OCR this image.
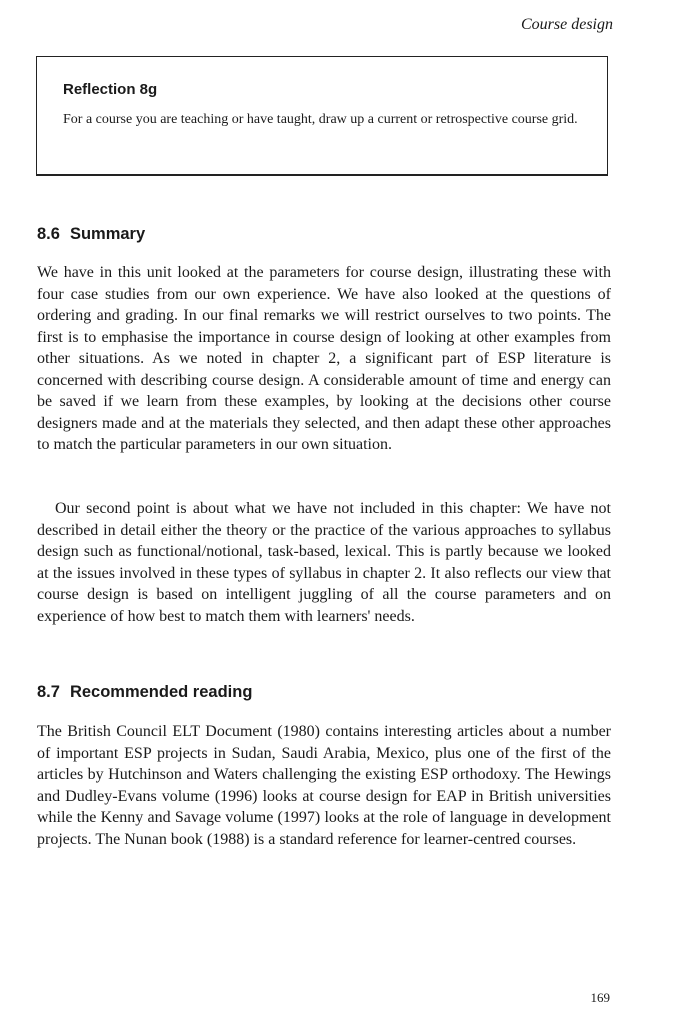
Course design
Reflection 8g

For a course you are teaching or have taught, draw up a current or retrospective course grid.

8.6 Summary

We have in this unit looked at the parameters for course design, illustrating these with four case studies from our own experience. We have also looked at the questions of ordering and grading. In our final remarks we will restrict ourselves to two points. The first is to emphasise the importance in course design of looking at other examples from other situations. As we noted in chapter 2, a significant part of ESP literature is concerned with describing course design. A considerable amount of time and energy can be saved if we learn from these examples, by looking at the decisions other course designers made and at the materials they selected, and then adapt these other approaches to match the particular parameters in our own situation.

Our second point is about what we have not included in this chapter: We have not described in detail either the theory or the practice of the various approaches to syllabus design such as functional/notional, task-based, lexical. This is partly because we looked at the issues involved in these types of syllabus in chapter 2. It also reflects our view that course design is based on intelligent juggling of all the course parameters and on experience of how best to match them with learners' needs.

8.7 Recommended reading

The British Council ELT Document (1980) contains interesting articles about a number of important ESP projects in Sudan, Saudi Arabia, Mexico, plus one of the first of the articles by Hutchinson and Waters challenging the existing ESP orthodoxy. The Hewings and Dudley-Evans volume (1996) looks at course design for EAP in British universities while the Kenny and Savage volume (1997) looks at the role of language in development projects. The Nunan book (1988) is a standard reference for learner-centred courses.

169
